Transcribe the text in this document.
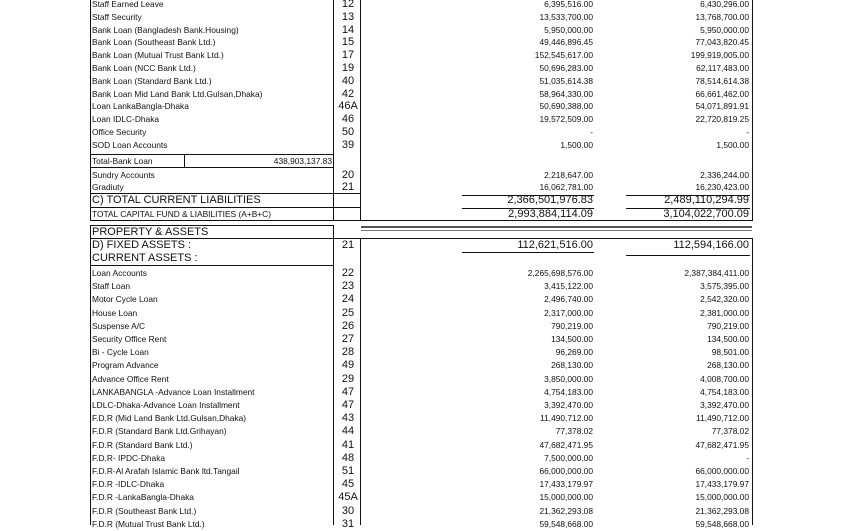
Staff Earned Leave	12	6,395,516.00	6,430,296.00
Staff Security	13	13,533,700.00	13,768,700.00
Bank Loan (Bangladesh Bank.Housing)	14	5,950,000.00	5,950,000.00
Bank Loan (Southeast Bank Ltd.)	15	49,446,896.45	77,043,820.45
Bank Loan (Mutual Trust Bank Ltd.)	17	152,545,617.00	199,919,005.00
Bank Loan (NCC Bank Ltd.)	19	50,696,283.00	62,117,483.00
Bank Loan (Standard Bank Ltd.)	40	51,035,614.38	78,514,614.38
Bank Loan Mid Land Bank Ltd.Gulsan,Dhaka)	42	58,964,330.00	66,661,462.00
Loan LankaBangla-Dhaka	46A	50,690,388.00	54,071,891.91
Loan IDLC-Dhaka	46	19,572,509.00	22,720,819.25
Office Security	50	-	-
SOD Loan Accounts	39	1,500.00	1,500.00
Total-Bank Loan	438,903,137.83
Sundry Accounts	20	2,218,647.00	2,336,244.00
Gradiuty	21	16,062,781.00	16,230,423.00
C) TOTAL CURRENT LIABILITIES	2,366,501,976.83	2,489,110,294.99
TOTAL CAPITAL FUND & LIABILITIES (A+B+C)	2,993,884,114.09	3,104,022,700.09
PROPERTY & ASSETS
D) FIXED ASSETS :	21	112,621,516.00	112,594,166.00
CURRENT ASSETS :
Loan Accounts	22	2,265,698,576.00	2,387,384,411.00
Staff Loan	23	3,415,122.00	3,575,395.00
Motor Cycle Loan	24	2,496,740.00	2,542,320.00
House Loan	25	2,317,000.00	2,381,000.00
Suspense A/C	26	790,219.00	790,219.00
Security Office Rent	27	134,500.00	134,500.00
Bi - Cycle Loan	28	96,269.00	98,501.00
Program Advance	49	268,130.00	268,130.00
Advance Office Rent	29	3,850,000.00	4,008,700.00
LANKABANGLA -Advance Loan Installment	47	4,754,183.00	4,754,183.00
LDLC-Dhaka-Advance Loan Installment	47	3,392,470.00	3,392,470.00
F.D.R (Mid Land Bank Ltd.Gulsan,Dhaka)	43	11,490,712.00	11,490,712.00
F.D.R (Standard Bank Ltd.Grihayan)	44	77,378.02	77,378.02
F.D.R (Standard Bank Ltd.)	41	47,682,471.95	47,682,471.95
F.D.R- IPDC-Dhaka	48	7,500,000.00	-
F.D.R-Al Arafah Islamic Bank ltd.Tangail	51	66,000,000.00	66,000,000.00
F.D.R -IDLC-Dhaka	45	17,433,179.97	17,433,179.97
F.D.R -LankaBangla-Dhaka	45A	15,000,000.00	15,000,000.00
F.D.R (Southeast Bank Ltd.)	30	21,362,293.08	21,362,293.08
F.D.R (Mutual Trust Bank Ltd.)	31	59,548,668.00	59,548,668.00
